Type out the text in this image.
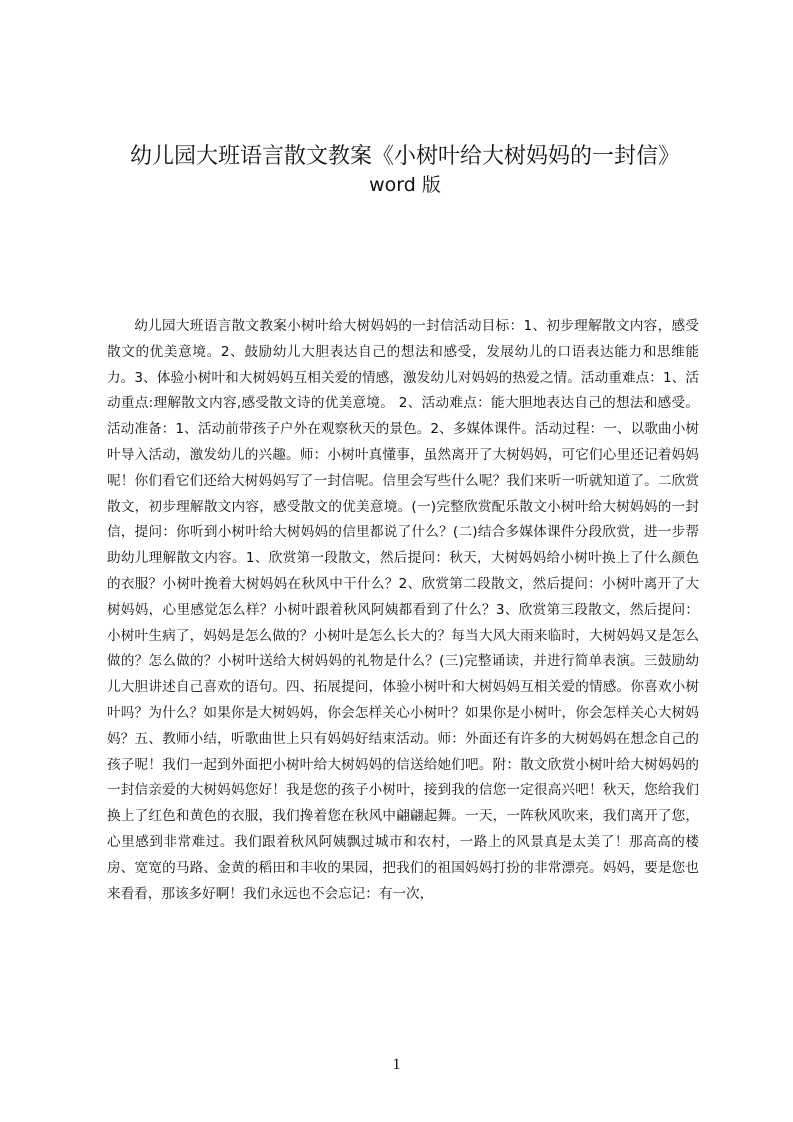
幼儿园大班语言散文教案《小树叶给大树妈妈的一封信》
word 版

幼儿园大班语言散文教案小树叶给大树妈妈的一封信活动目标：1、初步理解散文内容，感受散文的优美意境。2、鼓励幼儿大胆表达自己的想法和感受，发展幼儿的口语表达能力和思维能力。3、体验小树叶和大树妈妈互相关爱的情感，激发幼儿对妈妈的热爱之情。活动重难点：1、活动重点:理解散文内容,感受散文诗的优美意境。 2、活动难点：能大胆地表达自己的想法和感受。活动准备：1、活动前带孩子户外在观察秋天的景色。2、多媒体课件。活动过程：一、以歌曲小树叶导入活动，激发幼儿的兴趣。师：小树叶真懂事，虽然离开了大树妈妈，可它们心里还记着妈妈呢！你们看它们还给大树妈妈写了一封信呢。信里会写些什么呢？我们来听一听就知道了。二欣赏散文，初步理解散文内容，感受散文的优美意境。(一)完整欣赏配乐散文小树叶给大树妈妈的一封信，提问：你听到小树叶给大树妈妈的信里都说了什么？(二)结合多媒体课件分段欣赏，进一步帮助幼儿理解散文内容。1、欣赏第一段散文，然后提问：秋天，大树妈妈给小树叶换上了什么颜色的衣服？小树叶挽着大树妈妈在秋风中干什么？2、欣赏第二段散文，然后提问：小树叶离开了大树妈妈，心里感觉怎么样？小树叶跟着秋风阿姨都看到了什么？3、欣赏第三段散文，然后提问：小树叶生病了，妈妈是怎么做的？小树叶是怎么长大的？每当大风大雨来临时，大树妈妈又是怎么做的？怎么做的？小树叶送给大树妈妈的礼物是什么？(三)完整诵读，并进行简单表演。三鼓励幼儿大胆讲述自己喜欢的语句。四、拓展提问，体验小树叶和大树妈妈互相关爱的情感。你喜欢小树叶吗？为什么？如果你是大树妈妈，你会怎样关心小树叶？如果你是小树叶，你会怎样关心大树妈妈？五、教师小结，听歌曲世上只有妈妈好结束活动。师：外面还有许多的大树妈妈在想念自己的孩子呢！我们一起到外面把小树叶给大树妈妈的信送给她们吧。附：散文欣赏小树叶给大树妈妈的一封信亲爱的大树妈妈您好！我是您的孩子小树叶，接到我的信您一定很高兴吧！秋天，您给我们换上了红色和黄色的衣服，我们搀着您在秋风中翩翩起舞。一天，一阵秋风吹来，我们离开了您，心里感到非常难过。我们跟着秋风阿姨飘过城市和农村，一路上的风景真是太美了！那高高的楼房、宽宽的马路、金黄的稻田和丰收的果园，把我们的祖国妈妈打扮的非常漂亮。妈妈，要是您也来看看，那该多好啊！我们永远也不会忘记：有一次，

1
